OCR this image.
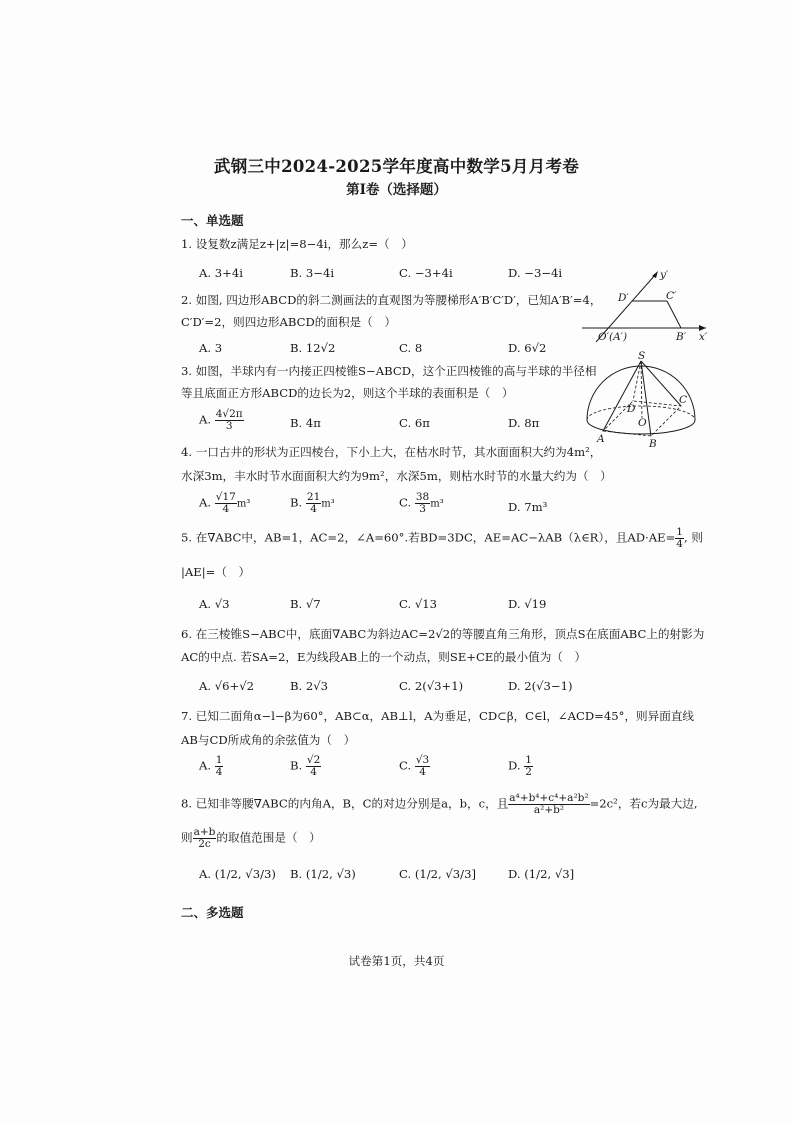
武钢三中2024-2025学年度高中数学5月月考卷
第I卷（选择题）
一、单选题
1. 设复数z满足z+|z|=8−4i，那么z=（　）
A. 3+4i	B. 3−4i	C. −3+4i	D. −3−4i
2. 如图, 四边形ABCD的斜二测画法的直观图为等腰梯形A′B′C′D′，已知A′B′=4，
C′D′=2，则四边形ABCD的面积是（　）
A. 3	B. 12√2	C. 8	D. 6√2
y′
x′
D′	C′
O′(A′)	B′
3. 如图，半球内有一内接正四棱锥S−ABCD，这个正四棱锥的高与半球的半径相
等且底面正方形ABCD的边长为2，则这个半球的表面积是（　）
A. $\frac{4√2\pi}{3}$	B. 4π	C. 6π	D. 8π
S
D
C
O
A	B
4. 一口古井的形状为正四棱台，下小上大，在枯水时节，其水面面积大约为4m²，
水深3m，丰水时节水面面积大约为9m²，水深5m，则枯水时节的水量大约为（　）
A. $\frac{√17}{4} m^3$	B. $\frac{21}{4} m^3$	C. $\frac{38}{3} m^3$	D. 7m³
5. 在∇ABC中，AB=1，AC=2，∠A=60°.若BD=3DC，AE=AC−λAB（λ∈R），且$AD\cdot AE= \frac{1}{4}$ , 则
|AE|=（　）
A. √3	B. √7	C. √13	D. √19
6. 在三棱锥S−ABC中，底面∇ABC为斜边AC=2√2的等腰直角三角形，顶点S在底面ABC上的射影为
AC的中点. 若SA=2，E为线段AB上的一个动点，则SE+CE的最小值为（　）
A. √6+√2	B. 2√3	C. 2(√3+1)	D. 2(√3−1)
7. 已知二面角α−l−β为60°，AB⊂α，AB⊥l，A为垂足，CD⊂β，C∈l，∠ACD=45°，则异面直线
AB与CD所成角的余弦值为（　）
A. $\frac{1}{4}$	B. $\frac{√2}{4}$	C. $\frac{√3}{4}$	D. $\frac{1}{2}$
8. 已知非等腰∇ABC的内角A，B，C的对边分别是a，b，c，且 $\frac{\text{a⁴+b⁴+c⁴+a²b²}}{\text{a²+b²}} =2c^2$，若c为最大边,
则 $\frac{a+b}{2c}$ 的取值范围是（　）
A. (1/2, √3/3) B. (1/2, √3)	C. (1/2, √3/3]	D. (1/2, √3]
二、多选题
试卷第1页，共4页
